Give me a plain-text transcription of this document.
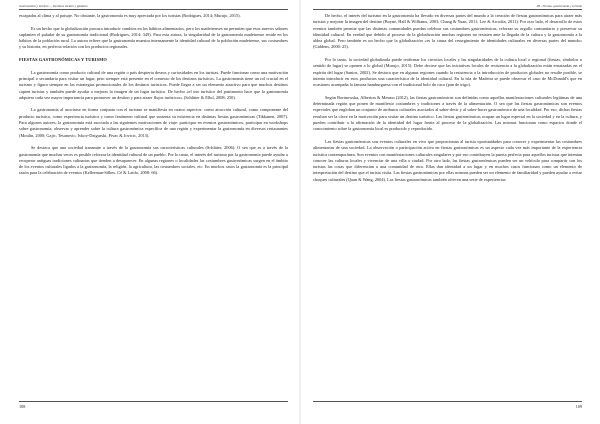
Gastronomía y turismo — Destinos locales y globales

escapadas al clima y al paisaje. No obstante, la gastronomía es muy apreciada por los turistas (Rodrigues, 2014; Murujo, 2015).

Es un hecho que la globalización procura introducir cambios en los hábitos alimentarios, pero los madeirenses no permiten que esos nuevos sabores suplanten el paladar de su gastronomía tradicional (Rodrigues, 2014: 349). Para esta autora, la singularidad de la gastronomía madeirense reside en los hábitos de la población rural. La autora refiere que la gastronomía muestra intensamente la identidad cultural de la población madeirense, sus costumbres y su historia, en perfecta relación con los productos regionales.

FIESTAS GASTRONÓMICAS Y TURISMO

La gastronomía como producto cultural de una región o país despierta deseos y curiosidades en los turistas. Puede funcionar como una motivación principal o secundaria para visitar un lugar, pero siempre está presente en el contexto de los destinos turísticos. La gastronomía tiene un rol crucial en el turismo y figura siempre en las estrategias promocionales de los destinos turísticos. Puede llegar a ser un elemento atractivo para que muchos destinos capten turistas y también puede ayudar a mejorar la imagen de un lugar turístico. De hecho «el uso turístico del patrimonio hace que la gastronomía adquiera cada vez mayor importancia para promover un destino y para atraer flujos turísticos» (Schlüter & Ellul, 2008: 250).

La gastronomía al asociarse en forma conjunta con el turismo se manifiesta en cuatro aspectos: como atracción cultural, como componente del producto turístico, como experiencia turística y como fenómeno cultural que sustenta su existencia en distintas fiestas gastronómicas (Tikkanen, 2007). Para algunos autores, la gastronomía está asociada a las siguientes motivaciones de viaje: participar en eventos gastronómicos, participar en workshops sobre gastronomía, observar y aprender sobre la cultura gastronómica específica de una región y experimentar la gastronomía en diversos restaurantes (Moulin, 2000; Gajic, Tesanovic, Ivkov-Dzigurski, Pivac & Jovicic, 2013).

Se destaca que una sociedad transmite a través de la gastronomía sus características culturales (Schlüter, 2006). O sea que es a través de la gastronomía que muchas veces es posible reforzar la identidad cultural de un pueblo. Por lo tanto, el interés del turismo por la gastronomía puede ayudar a recuperar antiguas tradiciones culinarias que tienden a desaparecer. En algunas regiones o localidades las costumbres gastronómicas surgen en el ámbito de los eventos culturales ligados a la gastronomía, la religión, la agricultura, las costumbres sociales, etc. En muchos casos la gastronomía es la principal razón para la celebración de eventos (Kellerman-Silkes, Cé & Latifo, 2008: 66).

108
III - Fiestas, gastronomía y turismo

De hecho, el interés del turismo en la gastronomía ha llevado en diversas partes del mundo a la creación de fiestas gastronómicas para atraer más turistas y mejorar la imagen del destino (Boyne, Hall & Williams, 2003; Chang & Yuan, 2011; Lee & Arcodia, 2011). Por otro lado, el desarrollo de estos eventos también permite que las distintas comunidades puedan celebrar sus costumbres gastronómicas, reforzar su orgullo comunitario y preservar su identidad cultural. En verdad que debido al proceso de la globalización muchas regiones no resisten ante la llegada de la cultura y la gastronomía a la aldea global. Pero también es un hecho que la globalización «es la causa del resurgimiento de identidades culturales en diversas partes del mundo» (Giddens, 2000: 25).

Por lo tanto, la sociedad globalizada puede reafirmar los circuitos locales y las singularidades de la cultura local o regional (fiestas, símbolos o sentido de lugar) se oponen a lo global (Murujo, 2015). Debe decirse que las iniciativas locales de resistencia a la globalización están enraizadas en el espíritu del lugar (Santos, 2002). Se destaca que en algunas regiones cuando la resistencia a la introducción de productos globales no resulte posible, se intenta introducir en esos productos una característica de la identidad cultural. En la isla de Madeira se puede observar el caso de McDonald's que en ocasiones acompaña la famosa hamburguesa con el tradicional bolo do caco (pan de trigo).

Según Bortnowska, Alberton & Mesmo (2012), las fiestas gastronómicas son definidas como aquellas manifestaciones culturales legítimas de una determinada región que ponen de manifiesto costumbres y tradiciones a través de la alimentación. O sea que las fiestas gastronómicas son eventos especiales que engloban un conjunto de atributos culturales asociados al saber-decir y al saber-hacer gastronómico de una localidad. Por eso, dichas fiestas resultan ser la clave en la motivación para visitar un destino turístico. Las fiestas gastronómicas ocupan un lugar especial en la sociedad y en la cultura, y pueden contribuir a la afirmación de la identidad del lugar frente al proceso de la globalización. Las mismas funcionan como espacios donde el conocimiento sobre la gastronomía local es producido y reproducido.

Las fiestas gastronómicas son eventos culturales en vivo que proporcionan al turista oportunidades para conocer y experimentar las costumbres alimentarias de una sociedad. La observación o participación activa en fiestas gastronómicas es un aspecto cada vez más importante de la experiencia turística contemporánea. Son eventos con manifestaciones culturales singulares y por eso contribuyen la puerta perfecta para aquellos turistas que intentan conocer las culturas locales y vivenciar de una villa o ciudad. Por otro lado, las fiestas gastronómicas pueden ser un vehículo para compartir con los turistas las cosas que diferencian a una comunidad de otra. Ellas dan identidad a un lugar y en muchos casos funcionan como un elemento de interpretación del destino que el turista visita. Las fiestas gastronómicas por ellas mismas pueden ser un elemento de familiaridad y pueden ayudar a evitar choques culturales (Quan & Wang, 2004). Las fiestas gastronómicas también ofrecen una serie de experiencias

109
